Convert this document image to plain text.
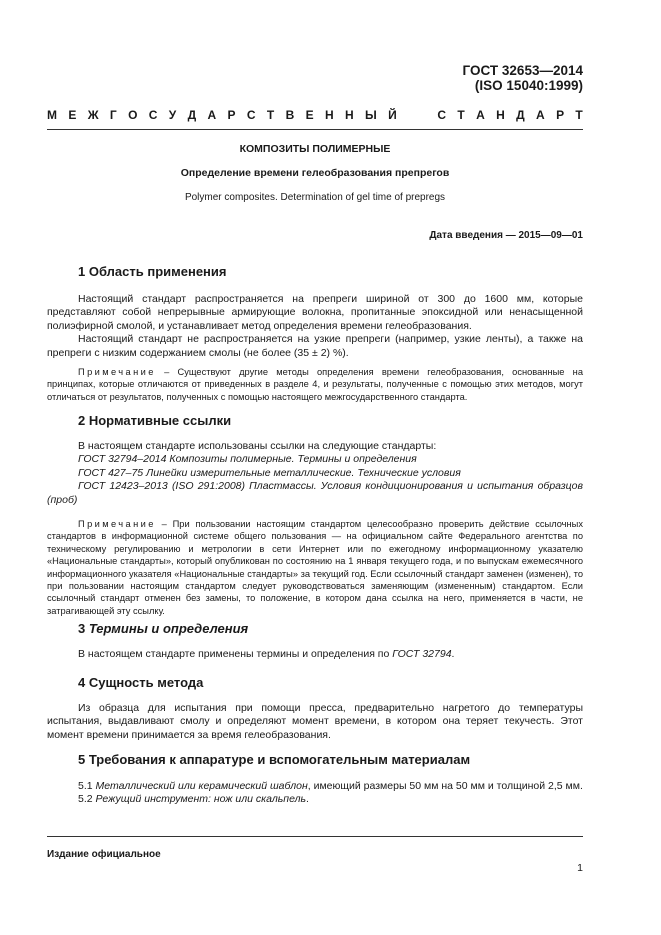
ГОСТ 32653—2014
(ISO 15040:1999)
М Е Ж Г О С У Д А Р С Т В Е Н Н Ы Й

	С Т А Н Д А Р Т
КОМПОЗИТЫ ПОЛИМЕРНЫЕ
Определение времени гелеобразования препрегов
Polymer composites. Determination of gel time of prepregs
Дата введения — 2015—09—01
1 Область применения

Настоящий стандарт распространяется на препреги шириной от 300 до 1600 мм, которые представляют собой непрерывные армирующие волокна, пропитанные эпоксидной или ненасыщенной полиэфирной смолой, и устанавливает метод определения времени гелеобразования.

Настоящий стандарт не распространяется на узкие препреги (например, узкие ленты), а также на препреги с низким содержанием смолы (не более (35 ± 2) %).

Примечание – Существуют другие методы определения времени гелеобразования, основанные на принципах, которые отличаются от приведенных в разделе 4, и результаты, полученные с помощью этих методов, могут отличаться от результатов, полученных с помощью настоящего межгосударственного стандарта.

2 Нормативные ссылки

В настоящем стандарте использованы ссылки на следующие стандарты:

ГОСТ 32794–2014 Композиты полимерные. Термины и определения

ГОСТ 427–75 Линейки измерительные металлические. Технические условия

ГОСТ 12423–2013 (ISO 291:2008) Пластмассы. Условия кондиционирования и испытания образцов (проб)

Примечание – При пользовании настоящим стандартом целесообразно проверить действие ссылочных стандартов в информационной системе общего пользования — на официальном сайте Федерального агентства по техническому регулированию и метрологии в сети Интернет или по ежегодному информационному указателю «Национальные стандарты», который опубликован по состоянию на 1 января текущего года, и по выпускам ежемесячного информационного указателя «Национальные стандарты» за текущий год. Если ссылочный стандарт заменен (изменен), то при пользовании настоящим стандартом следует руководствоваться заменяющим (измененным) стандартом. Если ссылочный стандарт отменен без замены, то положение, в котором дана ссылка на него, применяется в части, не затрагивающей эту ссылку.

3 Термины и определения

В настоящем стандарте применены термины и определения по ГОСТ 32794.

4 Сущность метода

Из образца для испытания при помощи пресса, предварительно нагретого до температуры испытания, выдавливают смолу и определяют момент времени, в котором она теряет текучесть. Этот момент времени принимается за время гелеобразования.

5 Требования к аппаратуре и вспомогательным материалам

5.1 Металлический или керамический шаблон, имеющий размеры 50 мм на 50 мм и толщиной 2,5 мм.

5.2 Режущий инструмент: нож или скальпель.

Издание официальное
1
